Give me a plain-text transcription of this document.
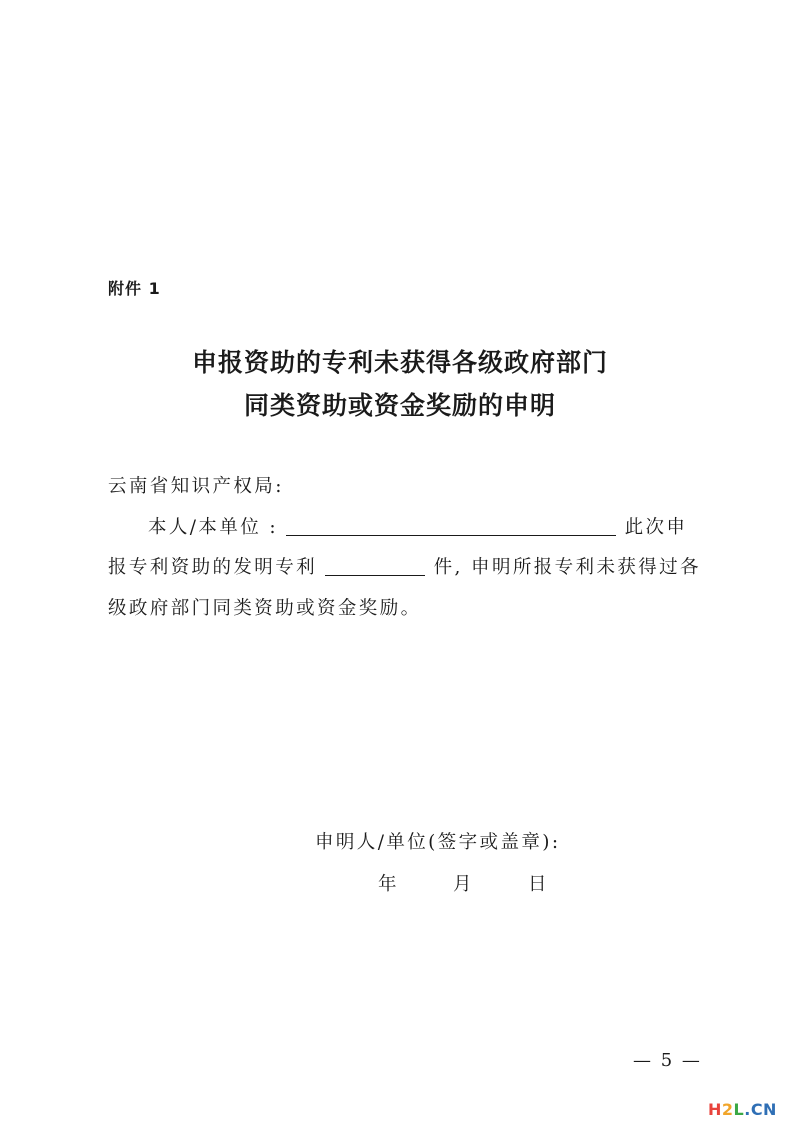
附件 1
申报资助的专利未获得各级政府部门
同类资助或资金奖励的申明
云南省知识产权局:
本人/本单位 :	此次申
报专利资助的发明专利	件, 申明所报专利未获得过各
级政府部门同类资助或资金奖励。
申明人/单位(签字或盖章):
年	月	日
— 5 —
H2L.CN
